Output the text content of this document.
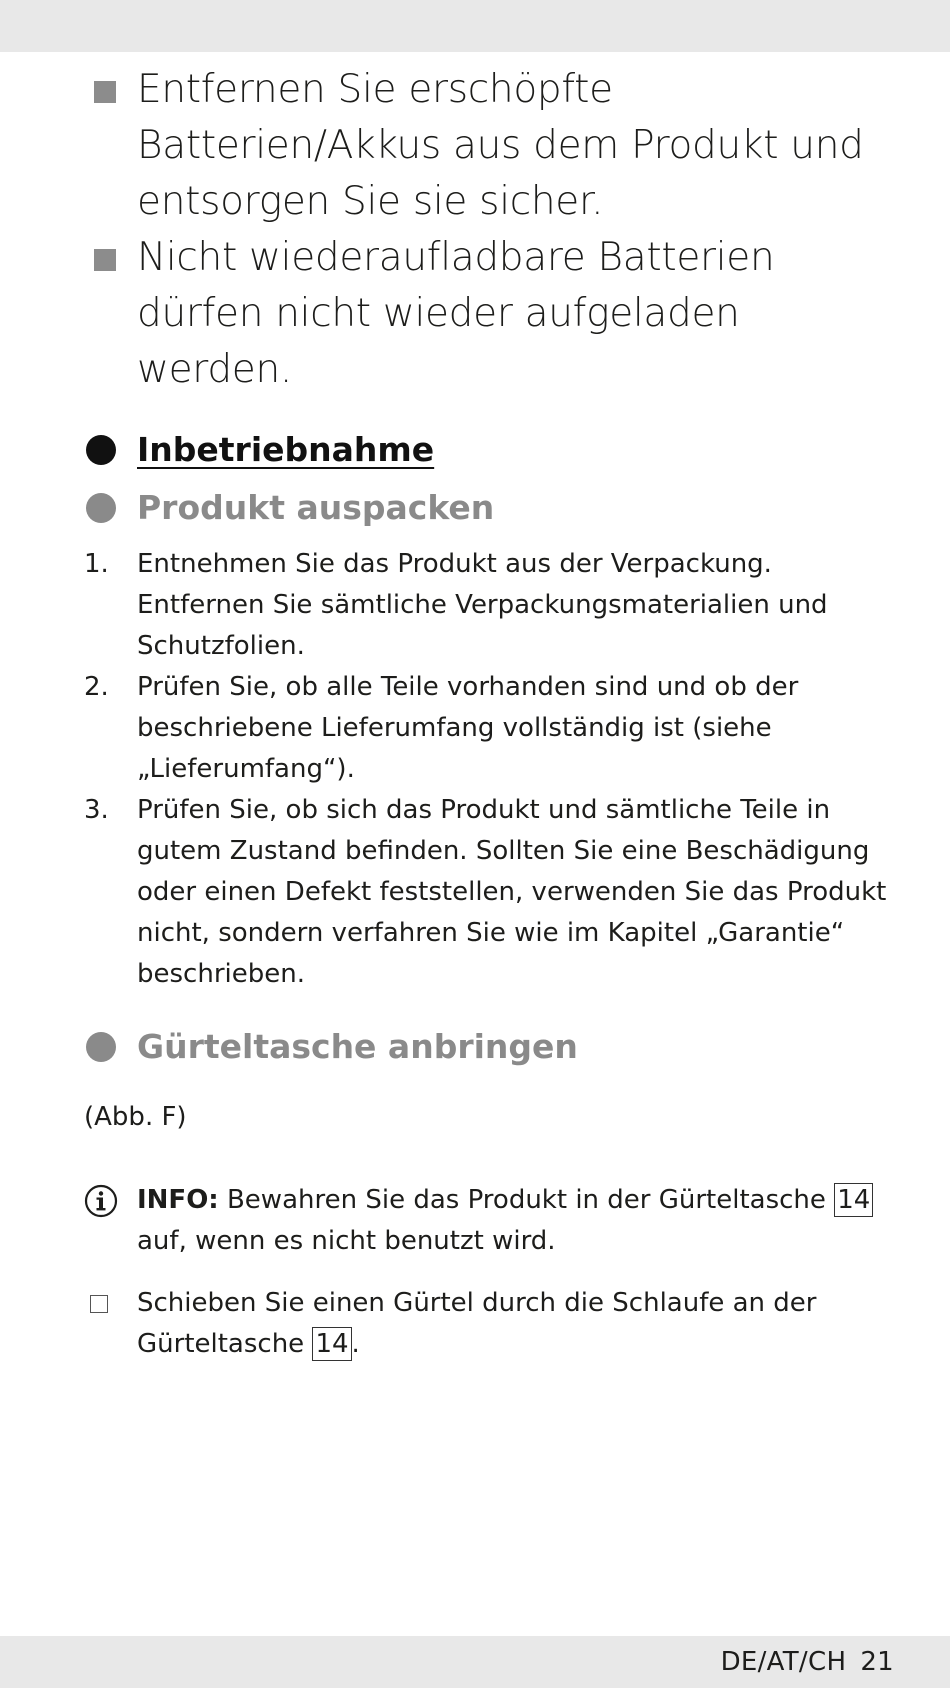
Entfernen Sie erschöpfte Batterien/Akkus aus dem Produkt und entsorgen Sie sie sicher.
Nicht wiederaufladbare Batterien dürfen nicht wieder aufgeladen werden.
Inbetriebnahme
Produkt auspacken
1. Entnehmen Sie das Produkt aus der Verpackung. Entfernen Sie sämtliche Verpackungsmaterialien und Schutzfolien.
2. Prüfen Sie, ob alle Teile vorhanden sind und ob der beschriebene Lieferumfang vollständig ist (siehe „Lieferumfang“).
3. Prüfen Sie, ob sich das Produkt und sämtliche Teile in gutem Zustand befinden. Sollten Sie eine Beschädigung oder einen Defekt feststellen, verwenden Sie das Produkt nicht, sondern verfahren Sie wie im Kapitel „Garantie“ beschrieben.
Gürteltasche anbringen
(Abb. F)
INFO: Bewahren Sie das Produkt in der Gürteltasche 14 auf, wenn es nicht benutzt wird.
Schieben Sie einen Gürtel durch die Schlaufe an der Gürteltasche 14 .
DE/AT/CH 21
